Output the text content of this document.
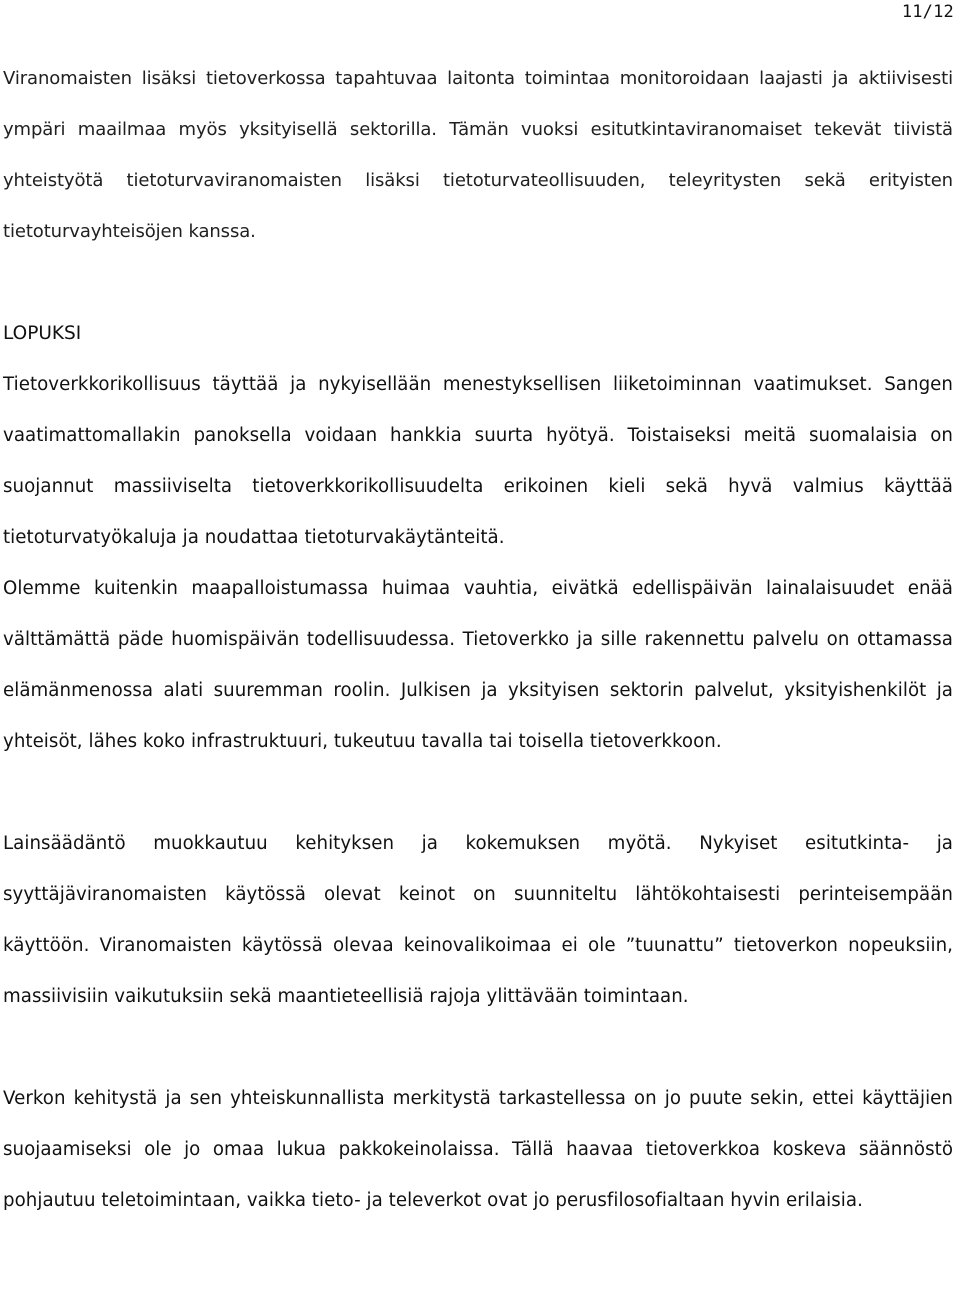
11/12

Viranomaisten lisäksi tietoverkossa tapahtuvaa laitonta toimintaa monitoroidaan laajasti ja aktiivisesti ympäri maailmaa myös yksityisellä sektorilla. Tämän vuoksi esitutkintaviranomaiset tekevät tiivistä yhteistyötä tietoturvaviranomaisten lisäksi tietoturvateollisuuden, teleyritysten sekä erityisten tietoturvayhteisöjen kanssa.

LOPUKSI

Tietoverkkorikollisuus täyttää ja nykyisellään menestyksellisen liiketoiminnan vaatimukset. Sangen vaatimattomallakin panoksella voidaan hankkia suurta hyötyä. Toistaiseksi meitä suomalaisia on suojannut massiiviselta tietoverkkorikollisuudelta erikoinen kieli sekä hyvä valmius käyttää tietoturvatyökaluja ja noudattaa tietoturvakäytänteitä.

Olemme kuitenkin maapalloistumassa huimaa vauhtia, eivätkä edellispäivän lainalaisuudet enää välttämättä päde huomispäivän todellisuudessa. Tietoverkko ja sille rakennettu palvelu on ottamassa elämänmenossa alati suuremman roolin. Julkisen ja yksityisen sektorin palvelut, yksityishenkilöt ja yhteisöt, lähes koko infrastruktuuri, tukeutuu tavalla tai toisella tietoverkkoon.

Lainsäädäntö muokkautuu kehityksen ja kokemuksen myötä. Nykyiset esitutkinta- ja syyttäjäviranomaisten käytössä olevat keinot on suunniteltu lähtökohtaisesti perinteisempään käyttöön. Viranomaisten käytössä olevaa keinovalikoimaa ei ole ”tuunattu” tietoverkon nopeuksiin, massiivisiin vaikutuksiin sekä maantieteellisiä rajoja ylittävään toimintaan.

Verkon kehitystä ja sen yhteiskunnallista merkitystä tarkastellessa on jo puute sekin, ettei käyttäjien suojaamiseksi ole jo omaa lukua pakkokeinolaissa. Tällä haavaa tietoverkkoa koskeva säännöstö pohjautuu teletoimintaan, vaikka tieto- ja televerkot ovat jo perusfilosofialtaan hyvin erilaisia.
